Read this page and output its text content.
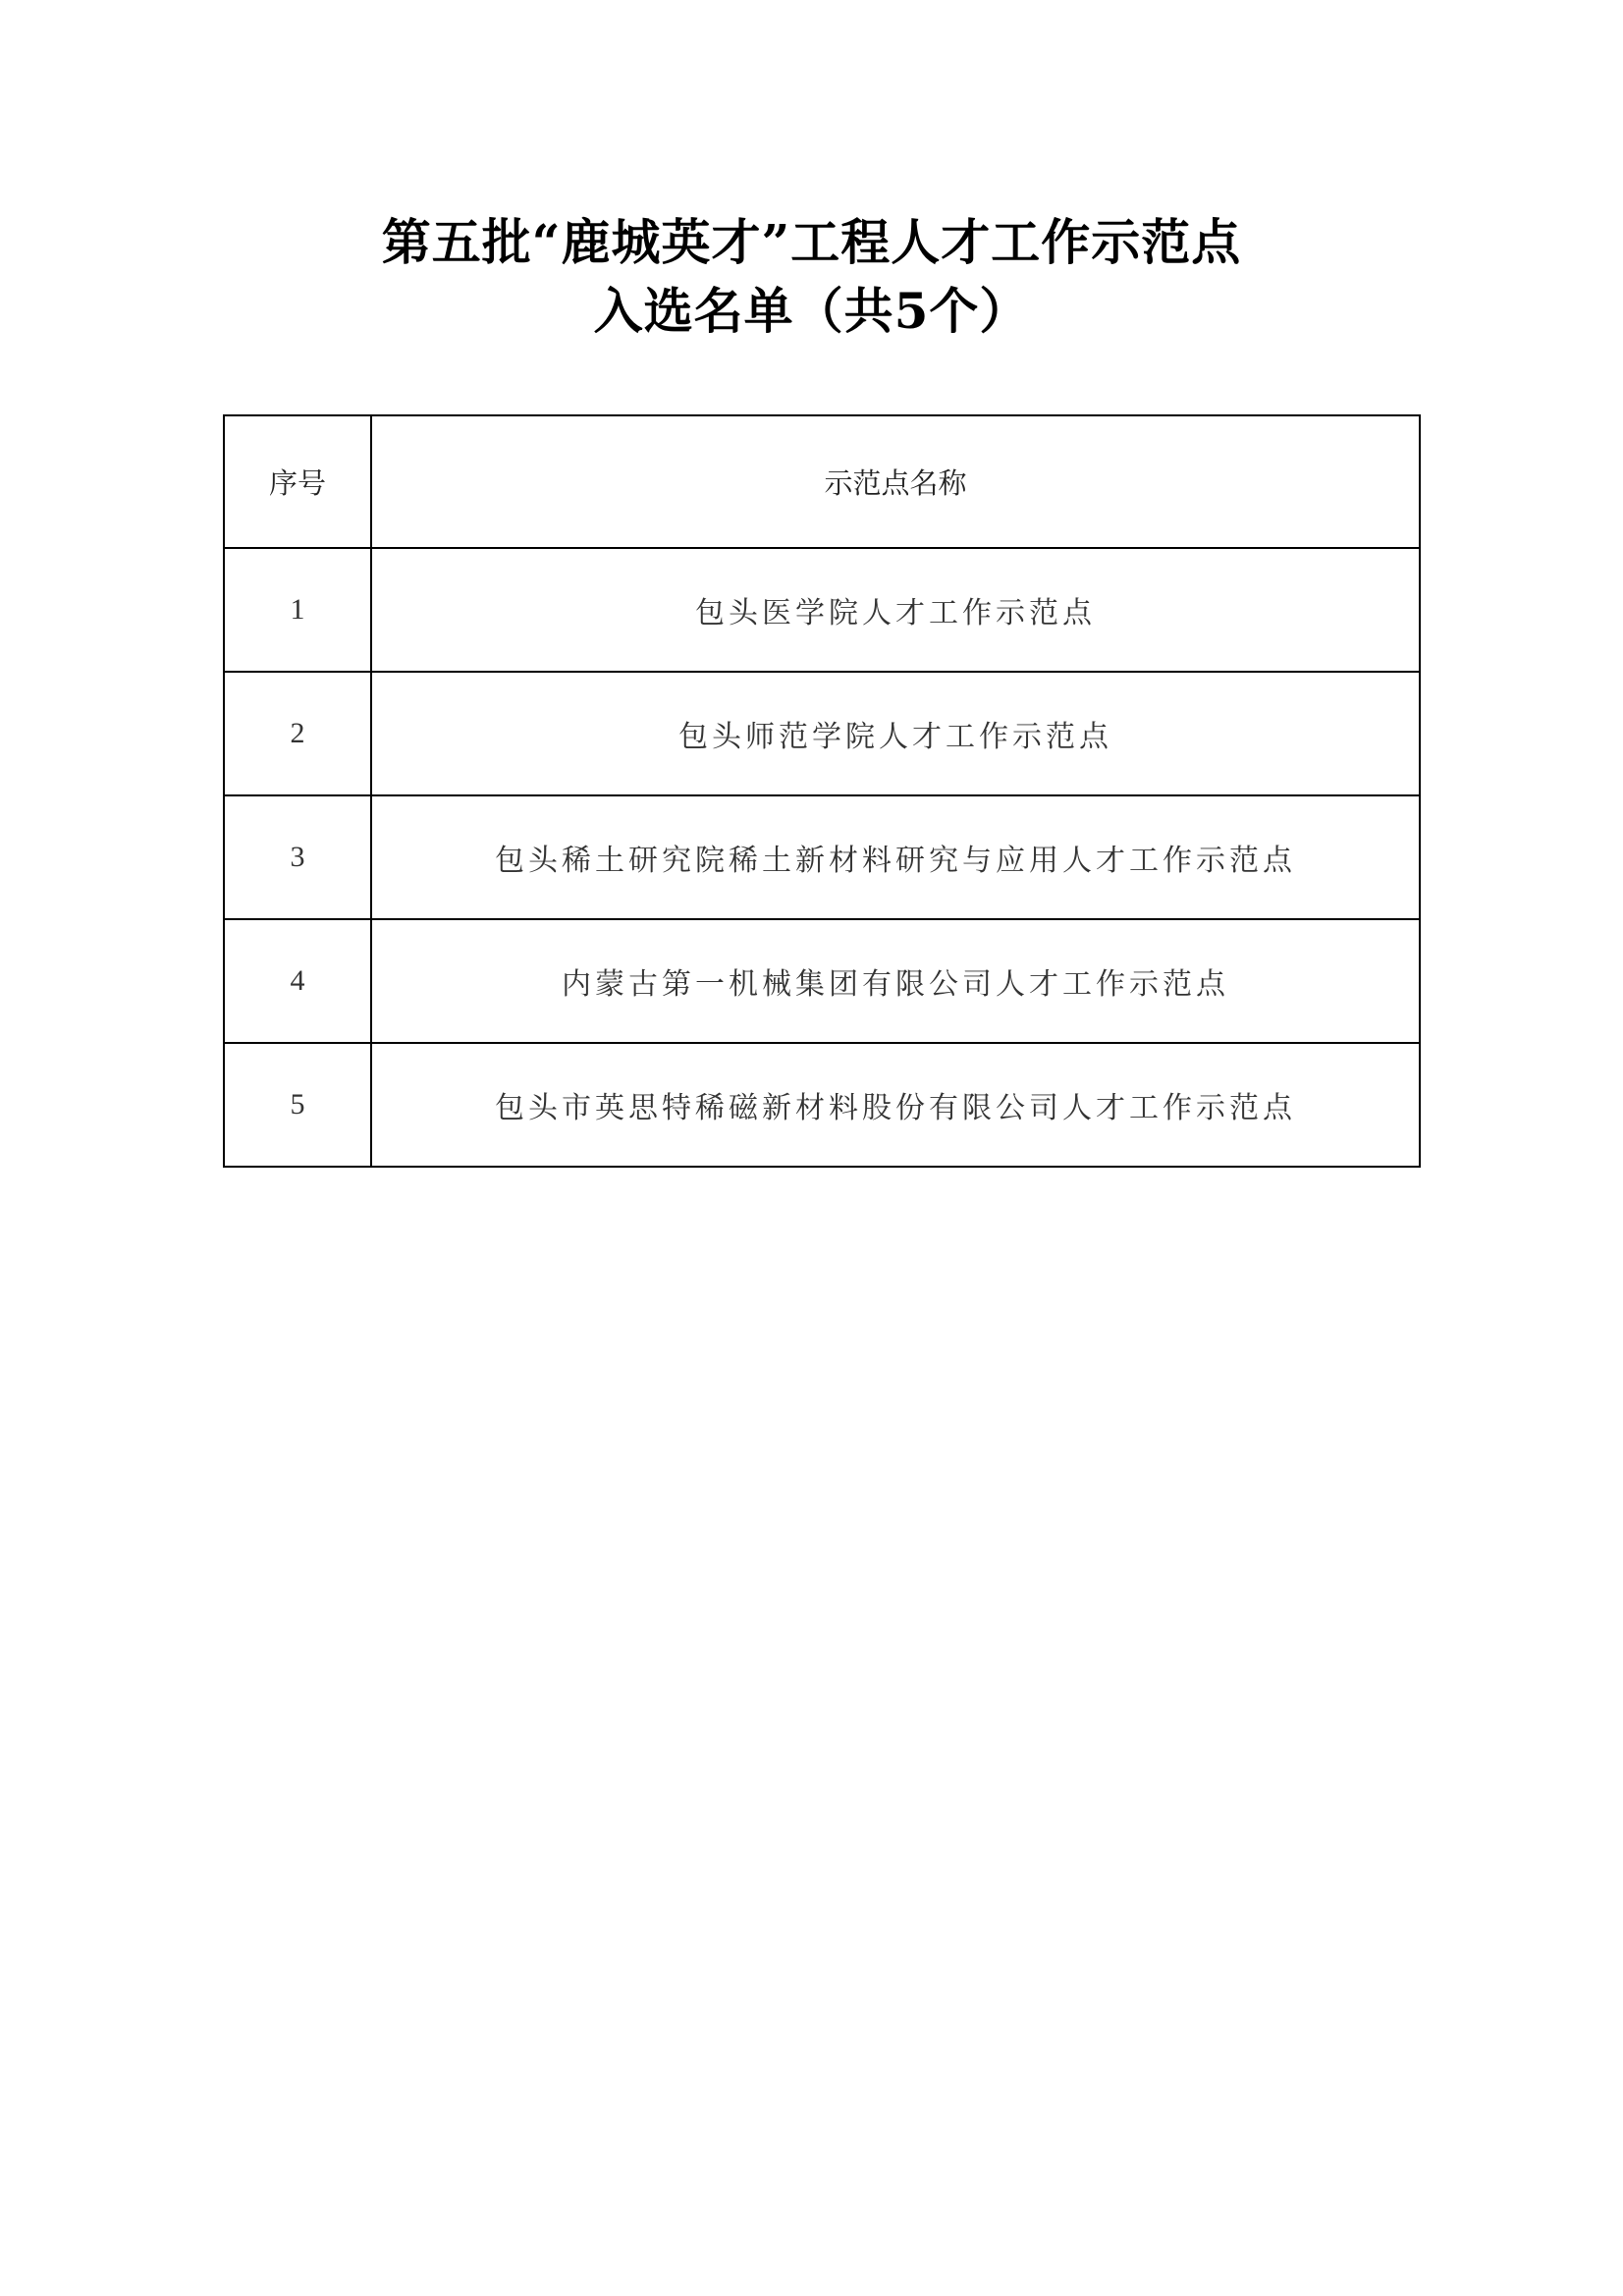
第五批“鹿城英才”工程人才工作示范点
入选名单（共5个）
序号	示范点名称
1	包头医学院人才工作示范点
2	包头师范学院人才工作示范点
3	包头稀土研究院稀土新材料研究与应用人才工作示范点
4	内蒙古第一机械集团有限公司人才工作示范点
5	包头市英思特稀磁新材料股份有限公司人才工作示范点
